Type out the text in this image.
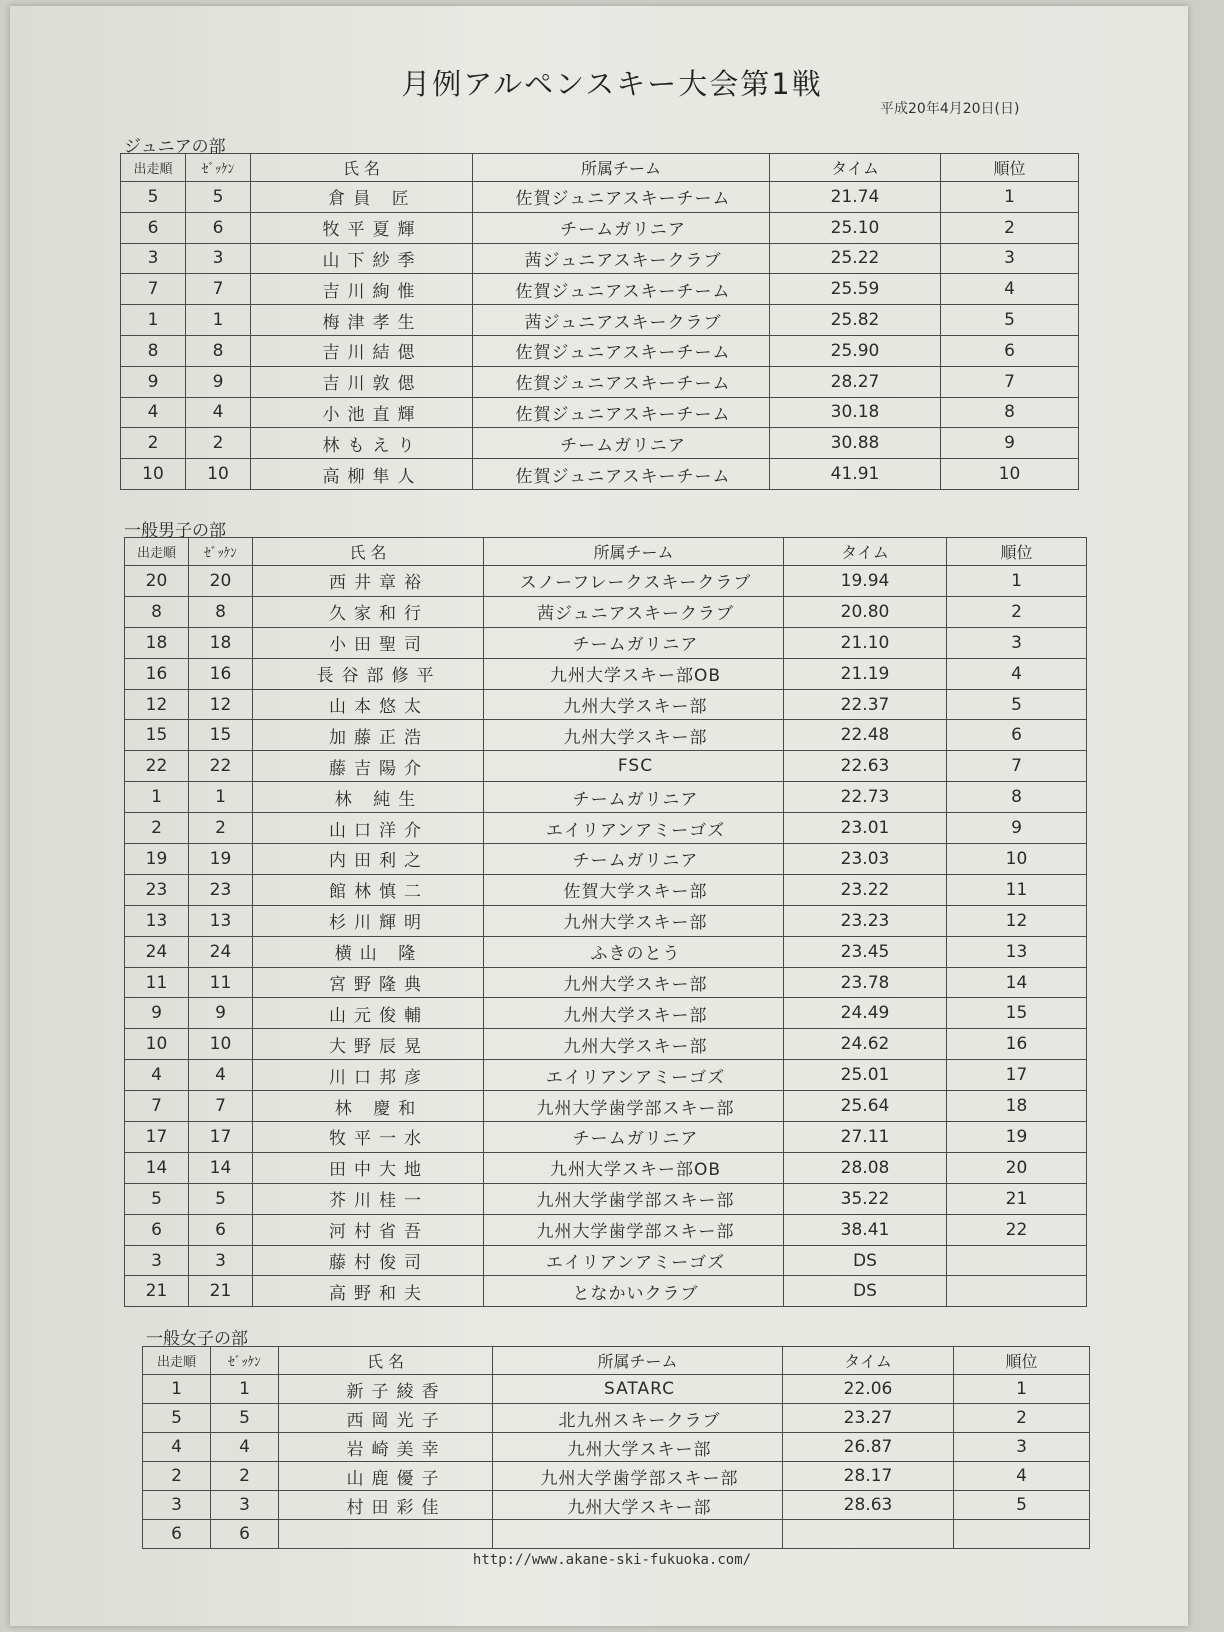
月例アルペンスキー大会第1戦
平成20年4月20日(日)
ジュニアの部
出走順	ｾﾞｯｹﾝ	氏 名	所属チーム	タイム	順位
5	5	倉員 匠	佐賀ジュニアスキーチーム	21.74	1
6	6	牧平夏輝	チームガリニア	25.10	2
3	3	山下紗季	茜ジュニアスキークラブ	25.22	3
7	7	吉川絢惟	佐賀ジュニアスキーチーム	25.59	4
1	1	梅津孝生	茜ジュニアスキークラブ	25.82	5
8	8	吉川結偲	佐賀ジュニアスキーチーム	25.90	6
9	9	吉川敦偲	佐賀ジュニアスキーチーム	28.27	7
4	4	小池直輝	佐賀ジュニアスキーチーム	30.18	8
2	2	林もえり	チームガリニア	30.88	9
10	10	高柳隼人	佐賀ジュニアスキーチーム	41.91	10
一般男子の部
出走順	ｾﾞｯｹﾝ	氏 名	所属チーム	タイム	順位
20	20	西井章裕	スノーフレークスキークラブ	19.94	1
8	8	久家和行	茜ジュニアスキークラブ	20.80	2
18	18	小田聖司	チームガリニア	21.10	3
16	16	長谷部修平	九州大学スキー部OB	21.19	4
12	12	山本悠太	九州大学スキー部	22.37	5
15	15	加藤正浩	九州大学スキー部	22.48	6
22	22	藤吉陽介	FSC	22.63	7
1	1	林 純生	チームガリニア	22.73	8
2	2	山口洋介	エイリアンアミーゴズ	23.01	9
19	19	内田利之	チームガリニア	23.03	10
23	23	館林慎二	佐賀大学スキー部	23.22	11
13	13	杉川輝明	九州大学スキー部	23.23	12
24	24	横山 隆	ふきのとう	23.45	13
11	11	宮野隆典	九州大学スキー部	23.78	14
9	9	山元俊輔	九州大学スキー部	24.49	15
10	10	大野辰晃	九州大学スキー部	24.62	16
4	4	川口邦彦	エイリアンアミーゴズ	25.01	17
7	7	林 慶和	九州大学歯学部スキー部	25.64	18
17	17	牧平一水	チームガリニア	27.11	19
14	14	田中大地	九州大学スキー部OB	28.08	20
5	5	芥川桂一	九州大学歯学部スキー部	35.22	21
6	6	河村省吾	九州大学歯学部スキー部	38.41	22
3	3	藤村俊司	エイリアンアミーゴズ	DS	
21	21	高野和夫	となかいクラブ	DS	
一般女子の部
出走順	ｾﾞｯｹﾝ	氏 名	所属チーム	タイム	順位
1	1	新子綾香	SATARC	22.06	1
5	5	西岡光子	北九州スキークラブ	23.27	2
4	4	岩崎美幸	九州大学スキー部	26.87	3
2	2	山鹿優子	九州大学歯学部スキー部	28.17	4
3	3	村田彩佳	九州大学スキー部	28.63	5
6	6				
http://www.akane-ski-fukuoka.com/
